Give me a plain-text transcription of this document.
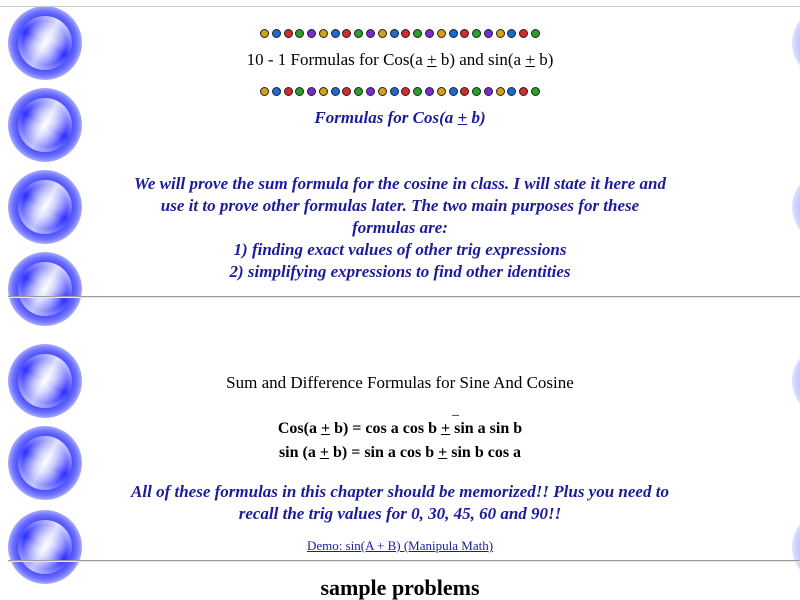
10 - 1 Formulas for Cos(a + b) and sin(a + b)
Formulas for Cos(a + b)
We will prove the sum formula for the cosine in class. I will state it here and
use it to prove other formulas later. The two main purposes for these
formulas are:
1) finding exact values of other trig expressions
2) simplifying expressions to find other identities
Sum and Difference Formulas for Sine And Cosine
_
Cos(a + b) = cos a cos b + sin a sin b
sin (a + b) = sin a cos b + sin b cos a
All of these formulas in this chapter should be memorized!! Plus you need to
recall the trig values for 0, 30, 45, 60 and 90!!
Demo: sin(A + B) (Manipula Math)
sample problems
